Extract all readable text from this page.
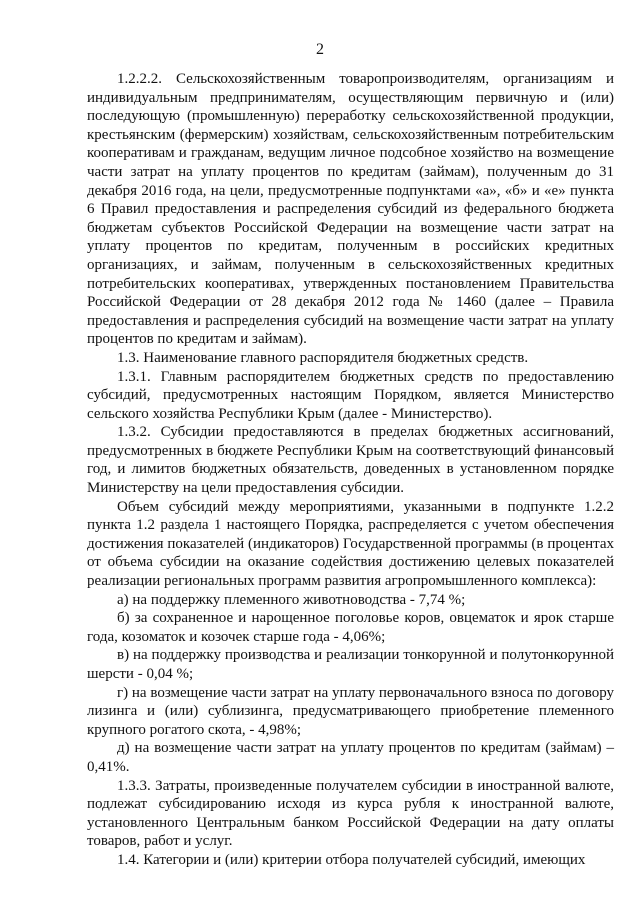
2

1.2.2.2. Сельскохозяйственным товаропроизводителям, организациям и индивидуальным предпринимателям, осуществляющим первичную и (или) последующую (промышленную) переработку сельскохозяйственной продукции, крестьянским (фермерским) хозяйствам, сельскохозяйственным потребительским кооперативам и гражданам, ведущим личное подсобное хозяйство на возмещение части затрат на уплату процентов по кредитам (займам), полученным до 31 декабря 2016 года, на цели, предусмотренные подпунктами «а», «б» и «е» пункта 6 Правил предоставления и распределения субсидий из федерального бюджета бюджетам субъектов Российской Федерации на возмещение части затрат на уплату процентов по кредитам, полученным в российских кредитных организациях, и займам, полученным в сельскохозяйственных кредитных потребительских кооперативах, утвержденных постановлением Правительства Российской Федерации от 28 декабря 2012 года № 1460 (далее – Правила предоставления и распределения субсидий на возмещение части затрат на уплату процентов по кредитам и займам).

1.3. Наименование главного распорядителя бюджетных средств.

1.3.1. Главным распорядителем бюджетных средств по предоставлению субсидий, предусмотренных настоящим Порядком, является Министерство сельского хозяйства Республики Крым (далее - Министерство).

1.3.2. Субсидии предоставляются в пределах бюджетных ассигнований, предусмотренных в бюджете Республики Крым на соответствующий финансовый год, и лимитов бюджетных обязательств, доведенных в установленном порядке Министерству на цели предоставления субсидии.

Объем субсидий между мероприятиями, указанными в подпункте 1.2.2 пункта 1.2 раздела 1 настоящего Порядка, распределяется с учетом обеспечения достижения показателей (индикаторов) Государственной программы (в процентах от объема субсидии на оказание содействия достижению целевых показателей реализации региональных программ развития агропромышленного комплекса):

а) на поддержку племенного животноводства - 7,74 %;

б) за сохраненное и нарощенное поголовье коров, овцематок и ярок старше года, козоматок и козочек старше года - 4,06%;

в) на поддержку производства и реализации тонкорунной и полутонкорунной шерсти - 0,04 %;

г) на возмещение части затрат на уплату первоначального взноса по договору лизинга и (или) сублизинга, предусматривающего приобретение племенного крупного рогатого скота, - 4,98%;

д) на возмещение части затрат на уплату процентов по кредитам (займам) – 0,41%.

1.3.3. Затраты, произведенные получателем субсидии в иностранной валюте, подлежат субсидированию исходя из курса рубля к иностранной валюте, установленного Центральным банком Российской Федерации на дату оплаты товаров, работ и услуг.

1.4. Категории и (или) критерии отбора получателей субсидий, имеющих
